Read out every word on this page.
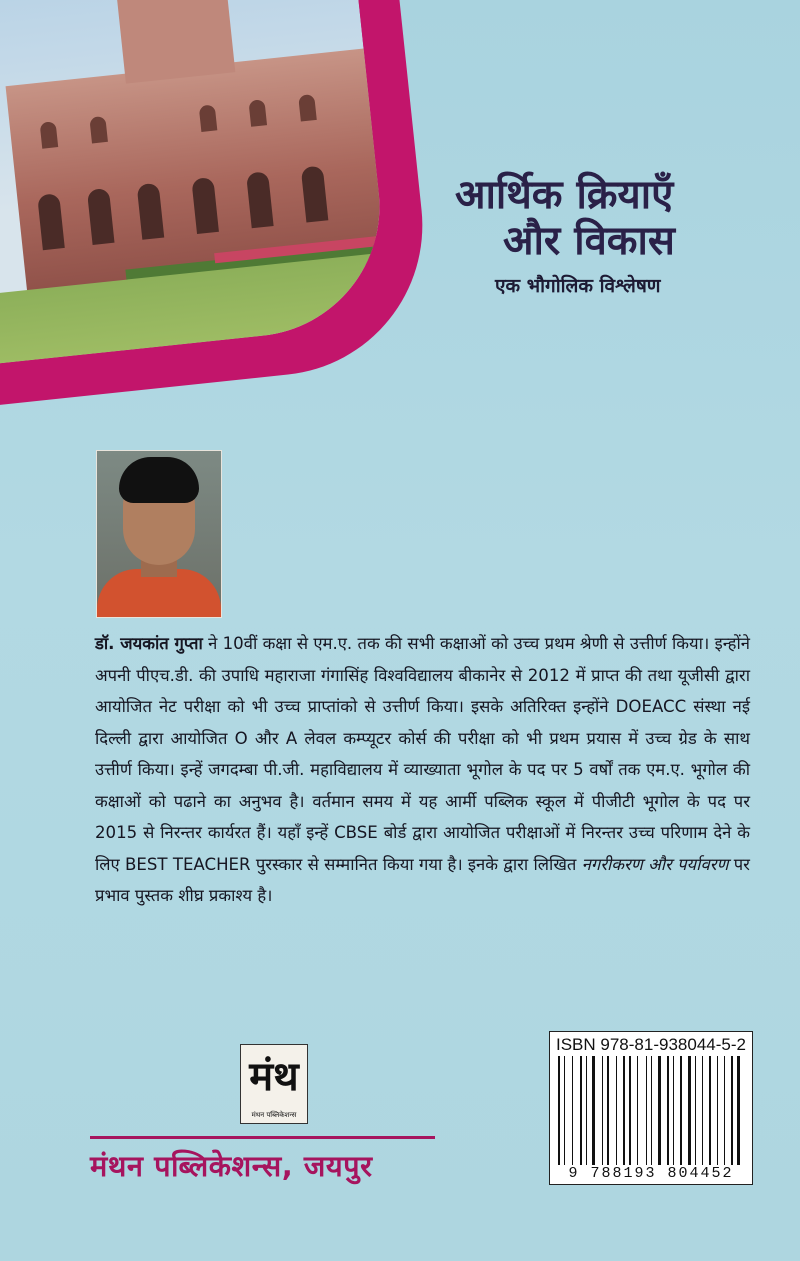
आर्थिक क्रियाएँ
और विकास
एक भौगोलिक विश्लेषण
डॉ. जयकांत गुप्ता ने 10वीं कक्षा से एम.ए. तक की सभी कक्षाओं को उच्च प्रथम श्रेणी से उत्तीर्ण किया। इन्होंने अपनी पीएच.डी. की उपाधि महाराजा गंगासिंह विश्वविद्यालय बीकानेर से 2012 में प्राप्त की तथा यूजीसी द्वारा आयोजित नेट परीक्षा को भी उच्च प्राप्तांको से उत्तीर्ण किया। इसके अतिरिक्त इन्होंने DOEACC संस्था नई दिल्ली द्वारा आयोजित O और A लेवल कम्प्यूटर कोर्स की परीक्षा को भी प्रथम प्रयास में उच्च ग्रेड के साथ उत्तीर्ण किया। इन्हें जगदम्बा पी.जी. महाविद्यालय में व्याख्याता भूगोल के पद पर 5 वर्षों तक एम.ए. भूगोल की कक्षाओं को पढाने का अनुभव है। वर्तमान समय में यह आर्मी पब्लिक स्कूल में पीजीटी भूगोल के पद पर 2015 से निरन्तर कार्यरत हैं। यहाँ इन्हें CBSE बोर्ड द्वारा आयोजित परीक्षाओं में निरन्तर उच्च परिणाम देने के लिए BEST TEACHER पुरस्कार से सम्मानित किया गया है। इनके द्वारा लिखित नगरीकरण और पर्यावरण पर प्रभाव पुस्तक शीघ्र प्रकाश्य है।
मंथ
मंथन पब्लिकेशन्स
मंथन पब्लिकेशन्स, जयपुर
ISBN 978-81-938044-5-2
9 788193 804452
